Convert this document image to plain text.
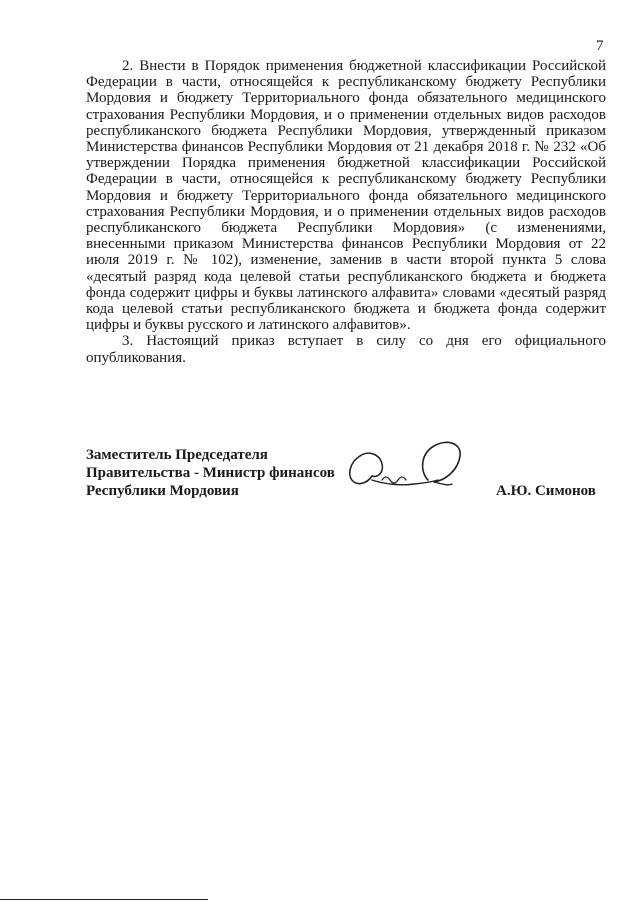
7

2. Внести в Порядок применения бюджетной классификации Российской Федерации в части, относящейся к республиканскому бюджету Республики Мордовия и бюджету Территориального фонда обязательного медицинского страхования Республики Мордовия, и о применении отдельных видов расходов республиканского бюджета Республики Мордовия, утвержденный приказом Министерства финансов Республики Мордовия от 21 декабря 2018 г. № 232 «Об утверждении Порядка применения бюджетной классификации Российской Федерации в части, относящейся к республиканскому бюджету Республики Мордовия и бюджету Территориального фонда обязательного медицинского страхования Республики Мордовия, и о применении отдельных видов расходов республиканского бюджета Республики Мордовия» (с изменениями, внесенными приказом Министерства финансов Республики Мордовия от 22 июля 2019 г. № 102), изменение, заменив в части второй пункта 5 слова «десятый разряд кода целевой статьи республиканского бюджета и бюджета фонда содержит цифры и буквы латинского алфавита» словами «десятый разряд кода целевой статьи республиканского бюджета и бюджета фонда содержит цифры и буквы русского и латинского алфавитов».

3. Настоящий приказ вступает в силу со дня его официального опубликования.

Заместитель Председателя
Правительства - Министр финансов
Республики Мордовия	А.Ю. Симонов
